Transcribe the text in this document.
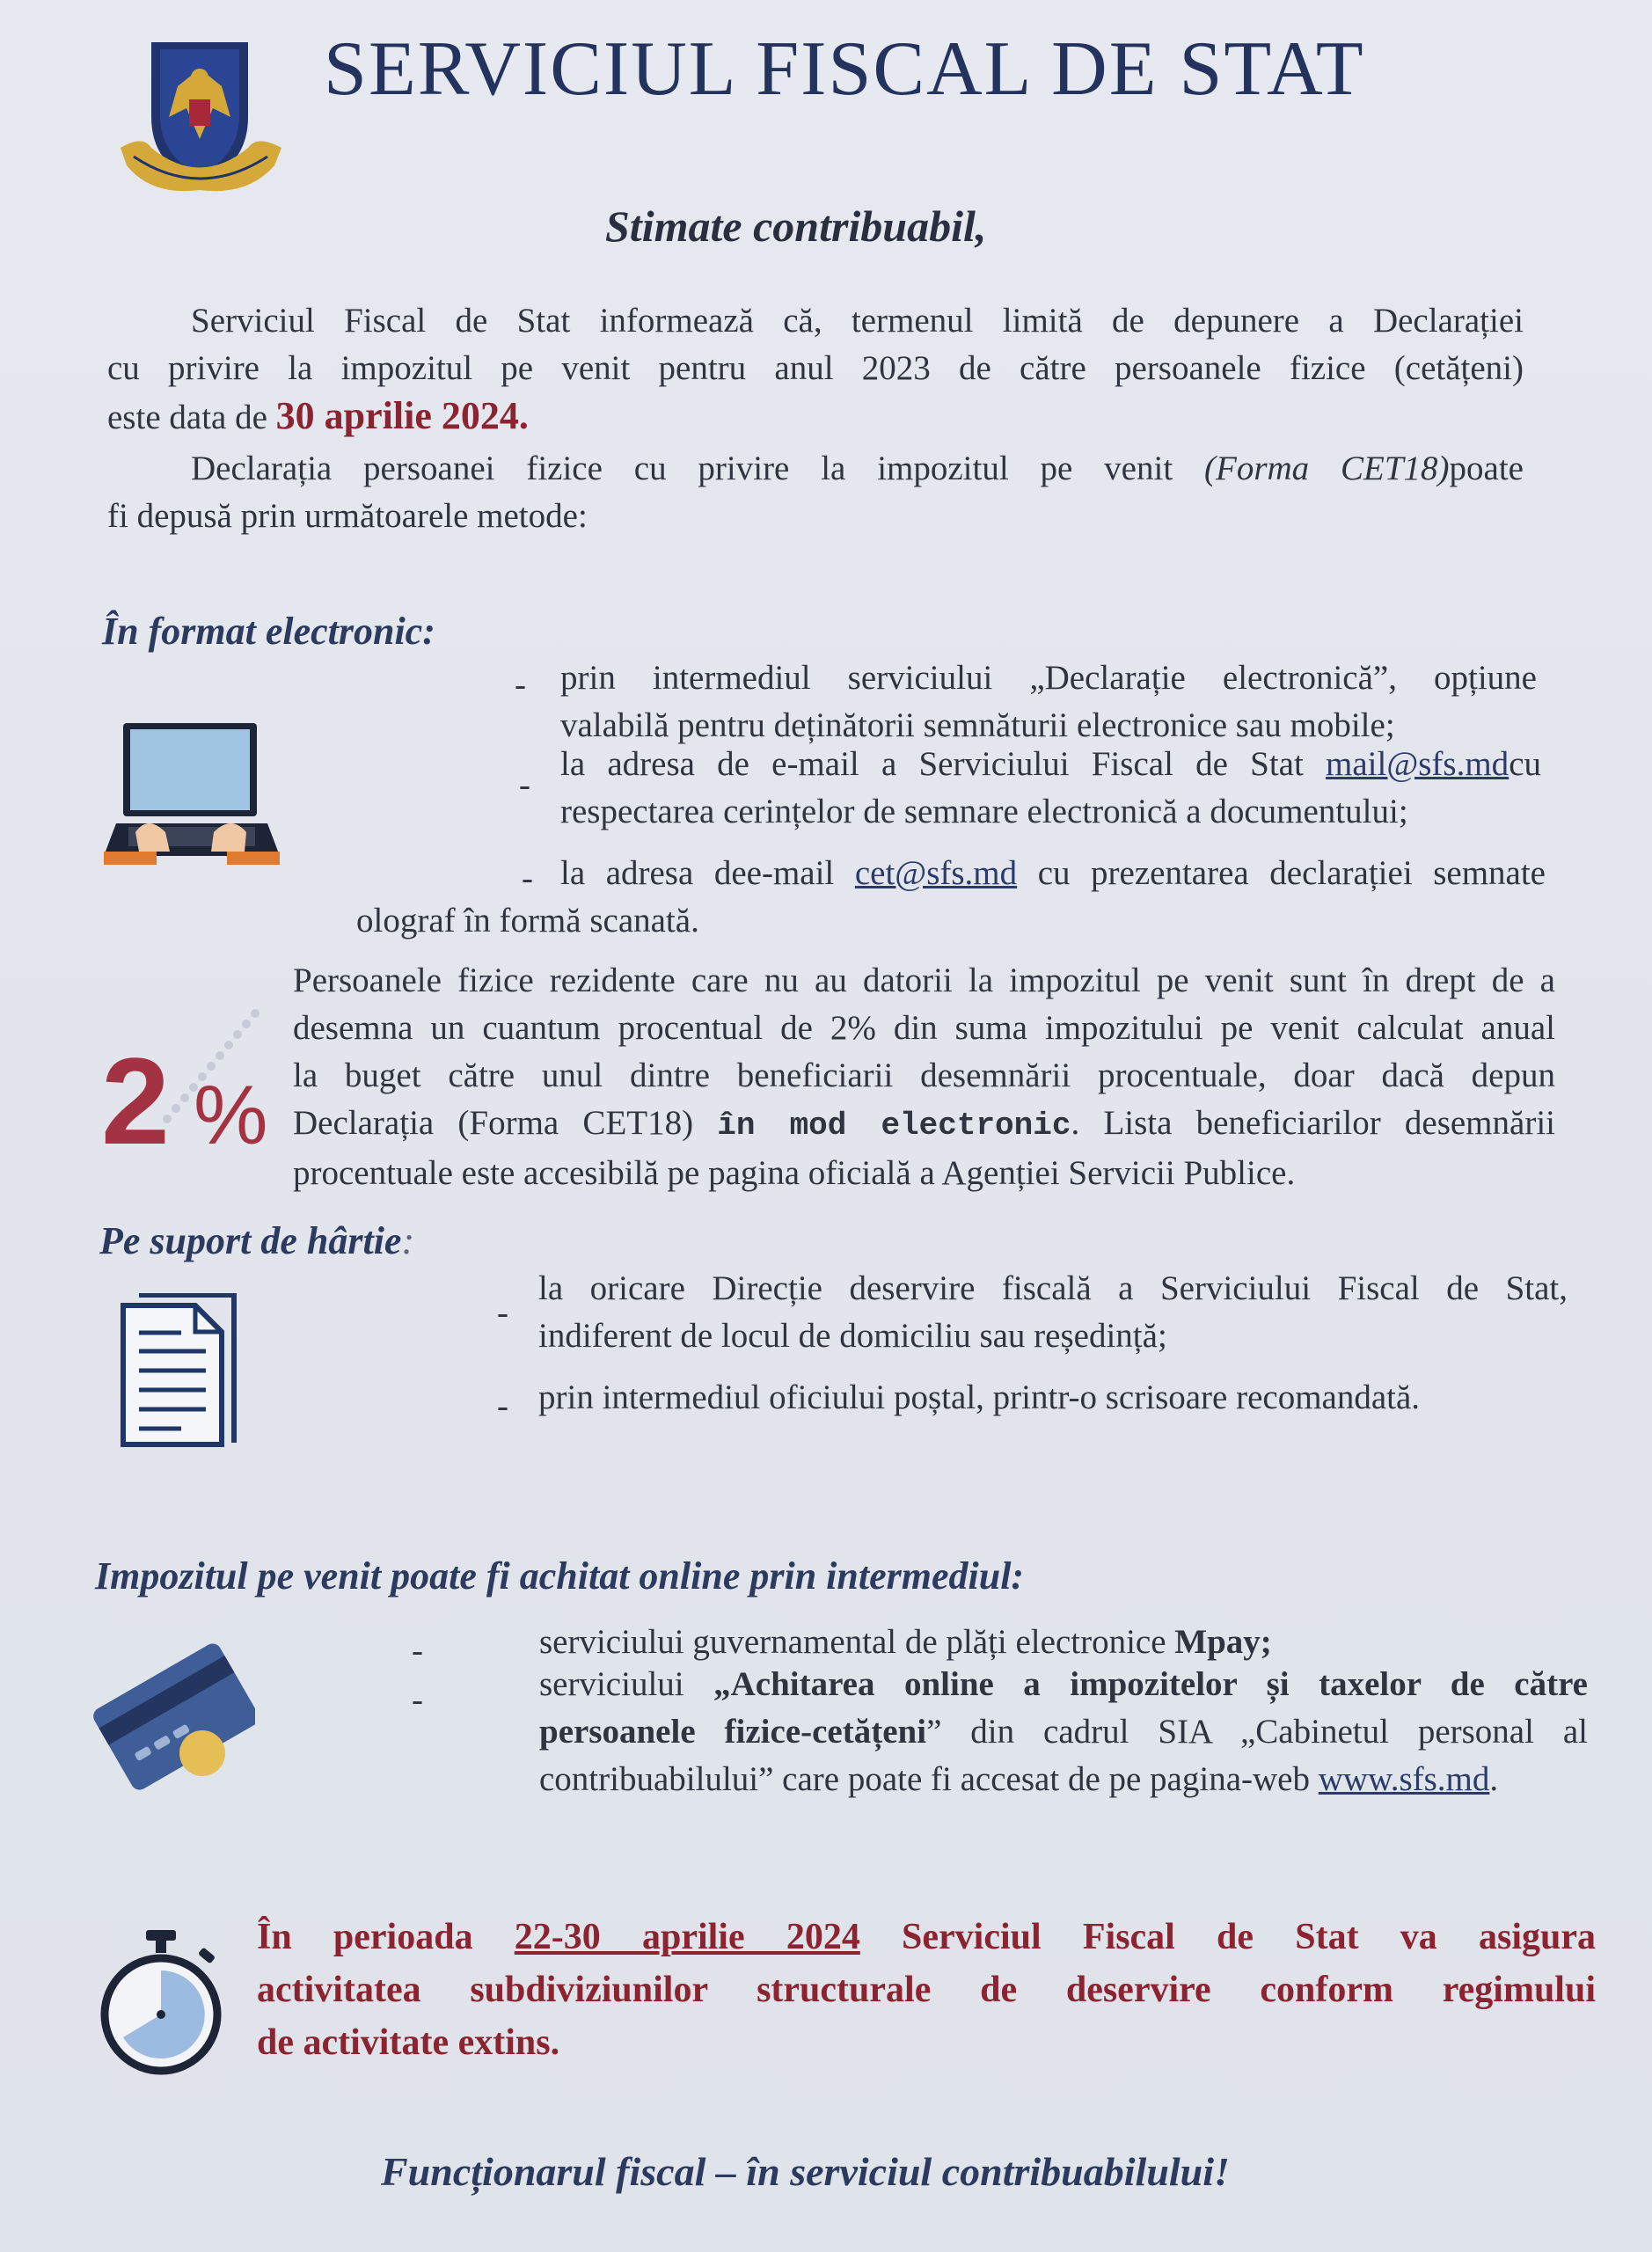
SERVICIUL FISCAL DE STAT
Stimate contribuabil,
Serviciul Fiscal de Stat informează că, termenul limită de depunere a Declarației
cu privire la impozitul pe venit pentru anul 2023 de către persoanele fizice (cetățeni)
este data de 30 aprilie 2024.
Declarația persoanei fizice cu privire la impozitul pe venit (Forma CET18)poate
fi depusă prin următoarele metode:
În format electronic:
- prin intermediul serviciului „Declarație electronică”, opțiune
valabilă pentru deținătorii semnăturii electronice sau mobile;
-
la adresa de e-mail a Serviciului Fiscal de Stat mail@sfs.mdcu
respectarea cerințelor de semnare electronică a documentului;
- la adresa dee-mail cet@sfs.md cu prezentarea declarației semnate
olograf în formă scanată.
2 %
Persoanele fizice rezidente care nu au datorii la impozitul pe venit sunt în drept de a
desemna un cuantum procentual de 2% din suma impozitului pe venit calculat anual
la buget către unul dintre beneficiarii desemnării procentuale, doar dacă depun
Declarația (Forma CET18) în mod electronic. Lista beneficiarilor desemnării
procentuale este accesibilă pe pagina oficială a Agenției Servicii Publice.
Pe suport de hârtie:
-
la oricare Direcție deservire fiscală a Serviciului Fiscal de Stat,
indiferent de locul de domiciliu sau reședință;
- prin intermediul oficiului poștal, printr-o scrisoare recomandată.
Impozitul pe venit poate fi achitat online prin intermediul:
-	serviciului guvernamental de plăți electronice Mpay;
-	serviciului „Achitarea online a impozitelor și taxelor de către
persoanele fizice-cetățeni” din cadrul SIA „Cabinetul personal al
contribuabilului” care poate fi accesat de pe pagina-web www.sfs.md.
În perioada 22-30 aprilie 2024 Serviciul Fiscal de Stat va asigura
activitatea subdiviziunilor structurale de deservire conform regimului
de activitate extins.
Funcționarul fiscal – în serviciul contribuabilului!
